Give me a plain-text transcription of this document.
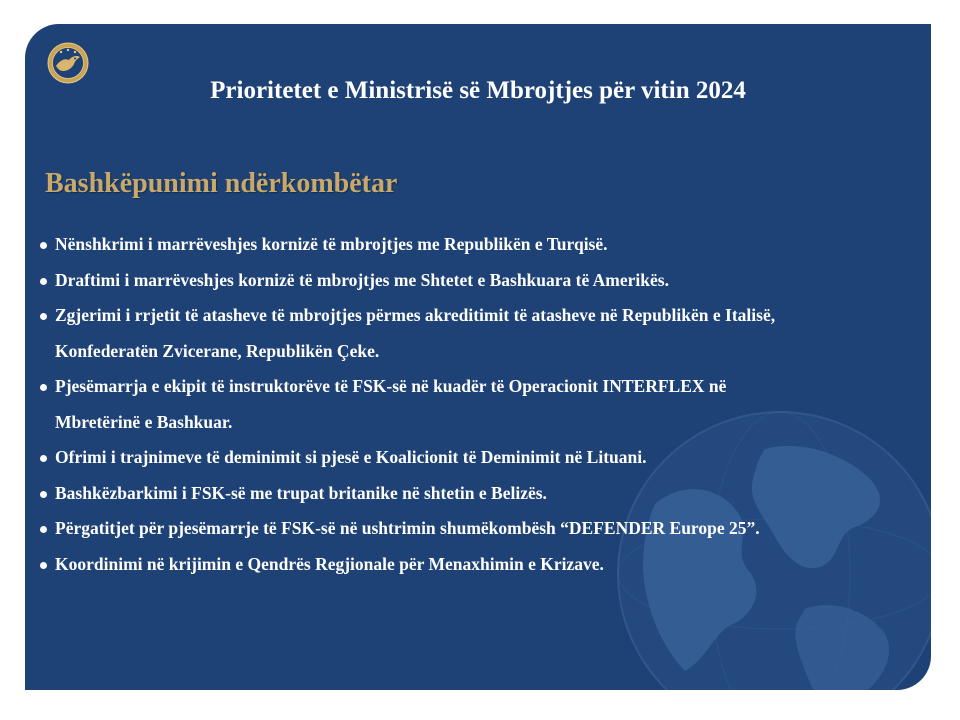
Prioritetet e Ministrisë së Mbrojtjes për vitin 2024
Bashkëpunimi ndërkombëtar
Nënshkrimi i marrëveshjes kornizë të mbrojtjes me Republikën e Turqisë.
Draftimi i marrëveshjes kornizë të mbrojtjes me Shtetet e Bashkuara të Amerikës.
Zgjerimi i rrjetit të atasheve të mbrojtjes përmes akreditimit të atasheve në Republikën e Italisë,
Konfederatën Zvicerane, Republikën Çeke.
Pjesëmarrja e ekipit të instruktorëve të FSK-së në kuadër të Operacionit INTERFLEX në
Mbretërinë e Bashkuar.
Ofrimi i trajnimeve të deminimit si pjesë e Koalicionit të Deminimit në Lituani.
Bashkëzbarkimi i FSK-së me trupat britanike në shtetin e Belizës.
Përgatitjet për pjesëmarrje të FSK-së në ushtrimin shumëkombësh “DEFENDER Europe 25”.
Koordinimi në krijimin e Qendrës Regjionale për Menaxhimin e Krizave.
